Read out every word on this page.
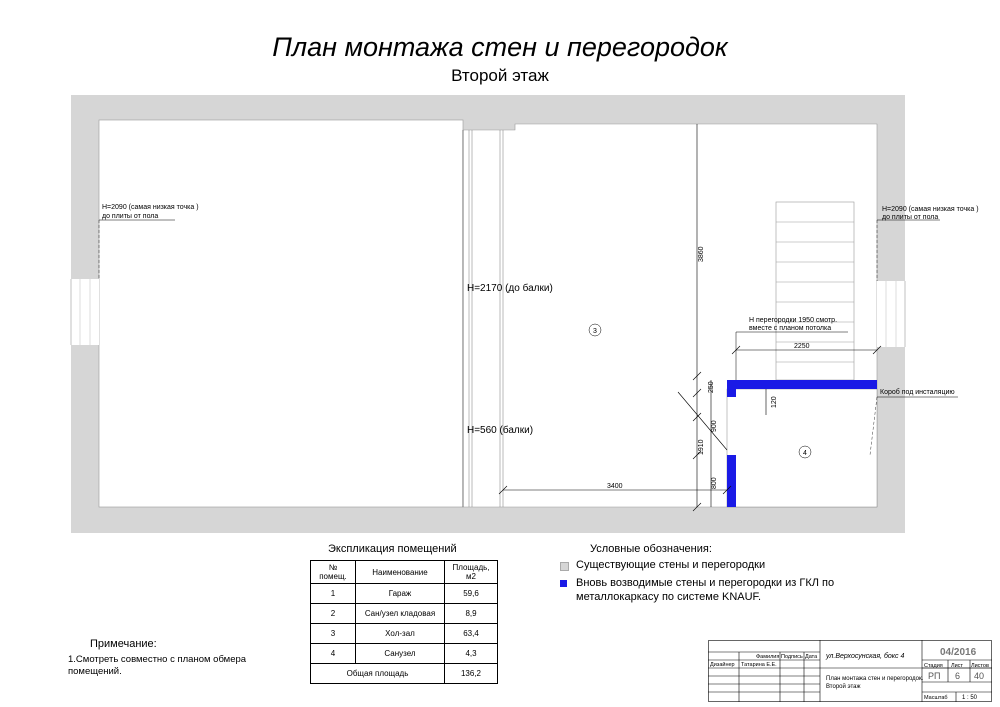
План монтажа стен и перегородок
Второй этаж
3
4
Н=2090 (самая низкая точка )
до плиты от пола
Н=2090 (самая низкая точка )
до плиты от пола
Н=2170 (до балки)
Н=560 (балки)
Н перегородки 1950 смотр.
вместе с планом потолка
Короб под инсталяцию
2250
3400
3860
250
120
900
1910
800
Экспликация помещений
№ помещ.	Наименование	Площадь, м2
1	Гараж	59,6
2	Сан/узел кладовая	8,9
3	Хол-зал	63,4
4	Санузел	4,3
Общая площадь		136,2
Условные обозначения:
Существующие стены и перегородки
Вновь возводимые стены и перегородки из ГКЛ по
металлокаркасу по системе KNAUF.
Примечание:
1.Смотреть совместно с планом обмера помещений.
Фамилия Подпись Дата
Дизайнер Татарина Е.Е.
ул.Верхосунская, бокс 4	04/2016
Стадия Лист Листов
РП 6 40
План монтажа стен и перегородок.
Второй этаж
Масштаб 1 : 50
